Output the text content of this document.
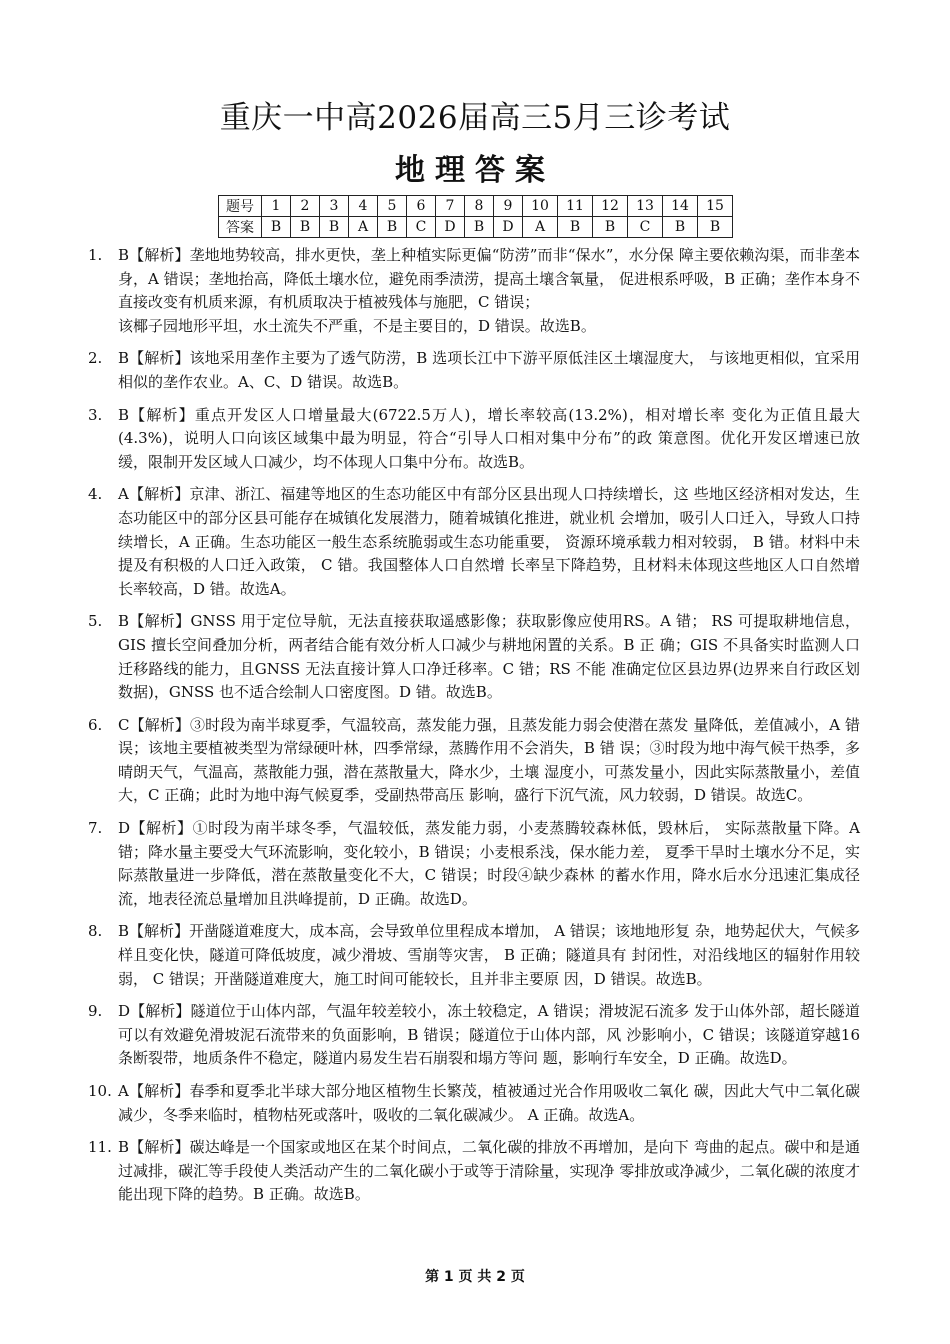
重庆一中高2026届高三5月三诊考试
地理答案
题号	1	2	3	4	5	6	7	8	9	10	11	12	13	14	15
答案	B	B	B	A	B	C	D	B	D	A	B	B	C	B	B
1.	B【解析】垄地地势较高，排水更快，垄上种植实际更偏“防涝”而非“保水”，水分保 障主要依赖沟渠，而非垄本身，A 错误；垄地抬高，降低土壤水位，避免雨季渍涝，提高土壤含氧量， 促进根系呼吸，B 正确；垄作本身不直接改变有机质来源，有机质取决于植被残体与施肥，C 错误；
该椰子园地形平坦，水土流失不严重，不是主要目的，D 错误。故选B。
2.	B【解析】该地采用垄作主要为了透气防涝，B 选项长江中下游平原低洼区土壤湿度大， 与该地更相似，宜采用相似的垄作农业。A、C、D 错误。故选B。
3.	B【解析】重点开发区人口增量最大(6722.5万人)，增长率较高(13.2%)，相对增长率 变化为正值且最大(4.3%)，说明人口向该区域集中最为明显，符合“引导人口相对集中分布”的政 策意图。优化开发区增速已放缓，限制开发区域人口减少，均不体现人口集中分布。故选B。
4.	A【解析】京津、浙江、福建等地区的生态功能区中有部分区县出现人口持续增长，这 些地区经济相对发达，生态功能区中的部分区县可能存在城镇化发展潜力，随着城镇化推进，就业机 会增加，吸引人口迁入，导致人口持续增长，A 正确。生态功能区一般生态系统脆弱或生态功能重要， 资源环境承载力相对较弱， B 错。材料中未提及有积极的人口迁入政策， C 错。我国整体人口自然增 长率呈下降趋势，且材料未体现这些地区人口自然增长率较高，D 错。故选A。
5.	B【解析】GNSS 用于定位导航，无法直接获取遥感影像；获取影像应使用RS。A 错； RS 可提取耕地信息，GIS 擅长空间叠加分析，两者结合能有效分析人口减少与耕地闲置的关系。B 正 确；GIS 不具备实时监测人口迁移路线的能力，且GNSS 无法直接计算人口净迁移率。C 错；RS 不能 准确定位区县边界(边界来自行政区划数据)，GNSS 也不适合绘制人口密度图。D 错。故选B。
6.	C【解析】③时段为南半球夏季，气温较高，蒸发能力强，且蒸发能力弱会使潜在蒸发 量降低，差值减小，A 错误；该地主要植被类型为常绿硬叶林，四季常绿，蒸腾作用不会消失，B 错 误；③时段为地中海气候干热季，多晴朗天气，气温高，蒸散能力强，潜在蒸散量大，降水少，土壤 湿度小，可蒸发量小，因此实际蒸散量小，差值大，C 正确；此时为地中海气候夏季，受副热带高压 影响，盛行下沉气流，风力较弱，D 错误。故选C。
7.	D【解析】①时段为南半球冬季，气温较低，蒸发能力弱，小麦蒸腾较森林低，毁林后， 实际蒸散量下降。A 错；降水量主要受大气环流影响，变化较小，B 错误；小麦根系浅，保水能力差， 夏季干旱时土壤水分不足，实际蒸散量进一步降低，潜在蒸散量变化不大，C 错误；时段④缺少森林 的蓄水作用，降水后水分迅速汇集成径流，地表径流总量增加且洪峰提前，D 正确。故选D。
8.	B【解析】开凿隧道难度大，成本高，会导致单位里程成本增加， A 错误；该地地形复 杂，地势起伏大，气候多样且变化快，隧道可降低坡度，减少滑坡、雪崩等灾害， B 正确；隧道具有 封闭性，对沿线地区的辐射作用较弱， C 错误；开凿隧道难度大，施工时间可能较长，且并非主要原 因，D 错误。故选B。
9.	D【解析】隧道位于山体内部，气温年较差较小，冻土较稳定，A 错误；滑坡泥石流多 发于山体外部，超长隧道可以有效避免滑坡泥石流带来的负面影响，B 错误；隧道位于山体内部，风 沙影响小，C 错误；该隧道穿越16条断裂带，地质条件不稳定，隧道内易发生岩石崩裂和塌方等问 题，影响行车安全，D 正确。故选D。
10. A【解析】春季和夏季北半球大部分地区植物生长繁茂，植被通过光合作用吸收二氧化 碳，因此大气中二氧化碳减少，冬季来临时，植物枯死或落叶，吸收的二氧化碳减少。 A 正确。故选A。
11. B【解析】碳达峰是一个国家或地区在某个时间点，二氧化碳的排放不再增加，是向下 弯曲的起点。碳中和是通过减排，碳汇等手段使人类活动产生的二氧化碳小于或等于清除量，实现净 零排放或净减少，二氧化碳的浓度才能出现下降的趋势。B 正确。故选B。
第 1 页 共 2 页
